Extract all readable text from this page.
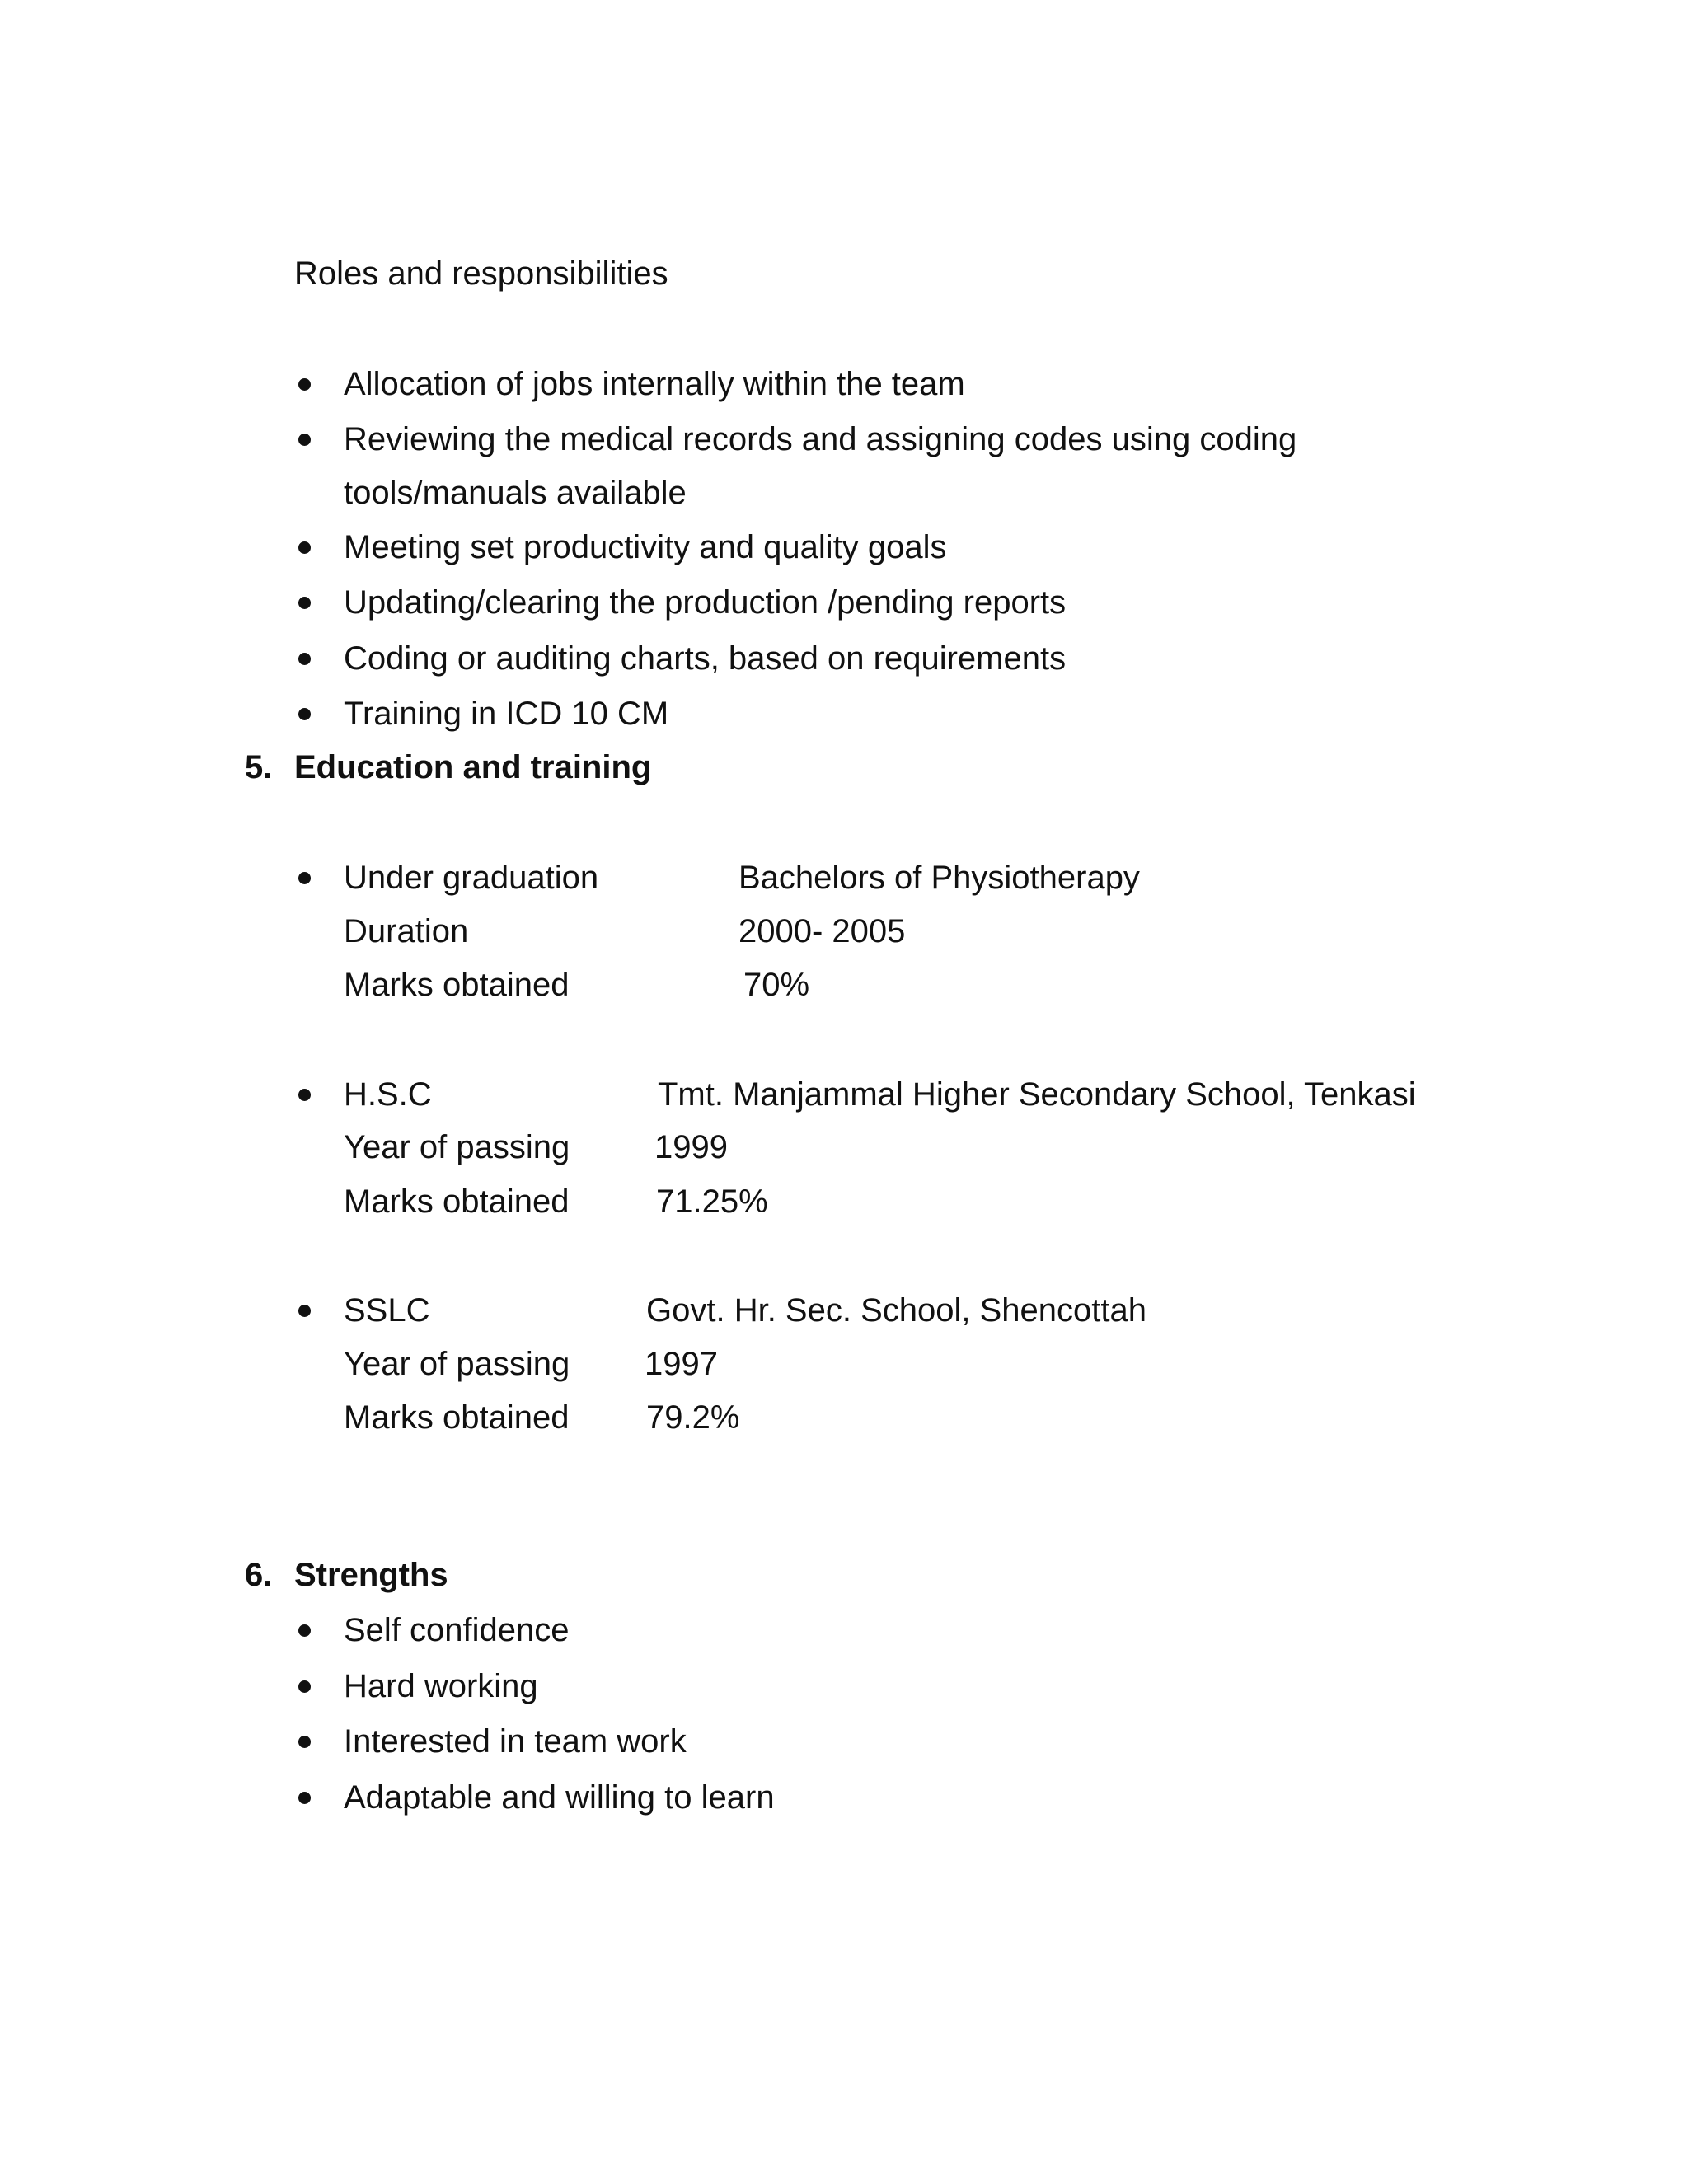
Roles and responsibilities
Allocation of jobs internally within the team
Reviewing the medical records and assigning codes using coding
tools/manuals available
Meeting set productivity and quality goals
Updating/clearing the production /pending reports
Coding or auditing charts, based on requirements
Training in ICD 10 CM
5. Education and training
Under graduation	Bachelors of Physiotherapy
Duration	2000- 2005
Marks obtained	70%
H.S.C	Tmt. Manjammal Higher Secondary School, Tenkasi
Year of passing	1999
Marks obtained	71.25%
SSLC	Govt. Hr. Sec. School, Shencottah
Year of passing 1997
Marks obtained 79.2%
6. Strengths
Self confidence
Hard working
Interested in team work
Adaptable and willing to learn
